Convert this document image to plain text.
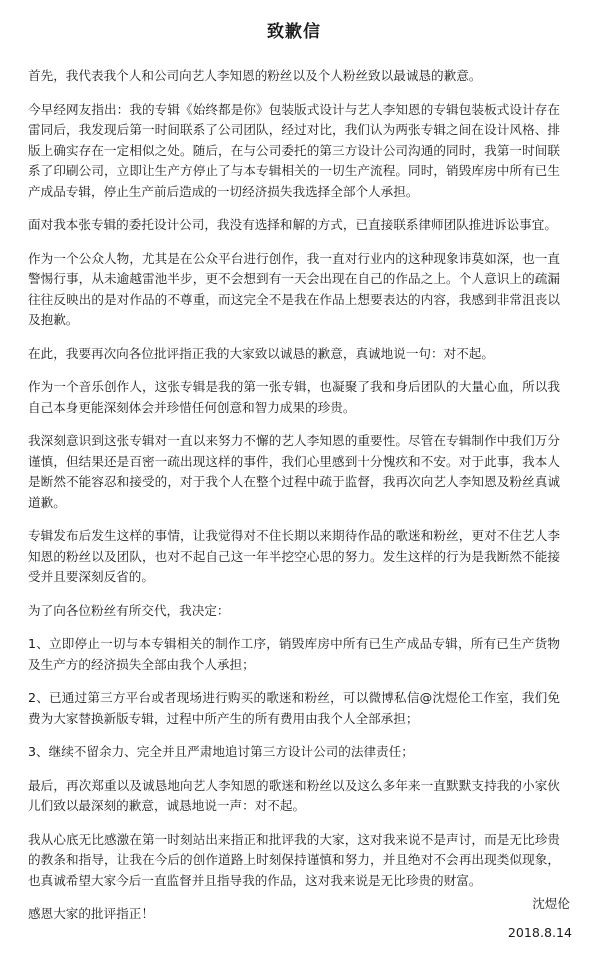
致歉信

首先，我代表我个人和公司向艺人李知恩的粉丝以及个人粉丝致以最诚恳的歉意。

今早经网友指出：我的专辑《始终都是你》包装版式设计与艺人李知恩的专辑包装板式设计存在雷同后，我发现后第一时间联系了公司团队，经过对比，我们认为两张专辑之间在设计风格、排版上确实存在一定相似之处。随后，在与公司委托的第三方设计公司沟通的同时，我第一时间联系了印刷公司，立即让生产方停止了与本专辑相关的一切生产流程。同时，销毁库房中所有已生产成品专辑，停止生产前后造成的一切经济损失我选择全部个人承担。

面对我本张专辑的委托设计公司，我没有选择和解的方式，已直接联系律师团队推进诉讼事宜。

作为一个公众人物，尤其是在公众平台进行创作，我一直对行业内的这种现象讳莫如深，也一直警惕行事，从未逾越雷池半步，更不会想到有一天会出现在自己的作品之上。个人意识上的疏漏往往反映出的是对作品的不尊重，而这完全不是我在作品上想要表达的内容，我感到非常沮丧以及抱歉。

在此，我要再次向各位批评指正我的大家致以诚恳的歉意，真诚地说一句：对不起。

作为一个音乐创作人，这张专辑是我的第一张专辑，也凝聚了我和身后团队的大量心血，所以我自己本身更能深刻体会并珍惜任何创意和智力成果的珍贵。

我深刻意识到这张专辑对一直以来努力不懈的艺人李知恩的重要性。尽管在专辑制作中我们万分谨慎，但结果还是百密一疏出现这样的事件，我们心里感到十分愧疚和不安。对于此事，我本人是断然不能容忍和接受的，对于我个人在整个过程中疏于监督，我再次向艺人李知恩及粉丝真诚道歉。

专辑发布后发生这样的事情，让我觉得对不住长期以来期待作品的歌迷和粉丝，更对不住艺人李知恩的粉丝以及团队，也对不起自己这一年半挖空心思的努力。发生这样的行为是我断然不能接受并且要深刻反省的。

为了向各位粉丝有所交代，我决定：

1、立即停止一切与本专辑相关的制作工序，销毁库房中所有已生产成品专辑，所有已生产货物及生产方的经济损失全部由我个人承担；

2、已通过第三方平台或者现场进行购买的歌迷和粉丝，可以微博私信@沈煜伦工作室，我们免费为大家替换新版专辑，过程中所产生的所有费用由我个人全部承担；

3、继续不留余力、完全并且严肃地追讨第三方设计公司的法律责任；

最后，再次郑重以及诚恳地向艺人李知恩的歌迷和粉丝以及这么多年来一直默默支持我的小家伙儿们致以最深刻的歉意，诚恳地说一声：对不起。

我从心底无比感激在第一时刻站出来指正和批评我的大家，这对我来说不是声讨，而是无比珍贵的教条和指导，让我在今后的创作道路上时刻保持谨慎和努力，并且绝对不会再出现类似现象，也真诚希望大家今后一直监督并且指导我的作品，这对我来说是无比珍贵的财富。

感恩大家的批评指正！

沈煜伦
2018.8.14
